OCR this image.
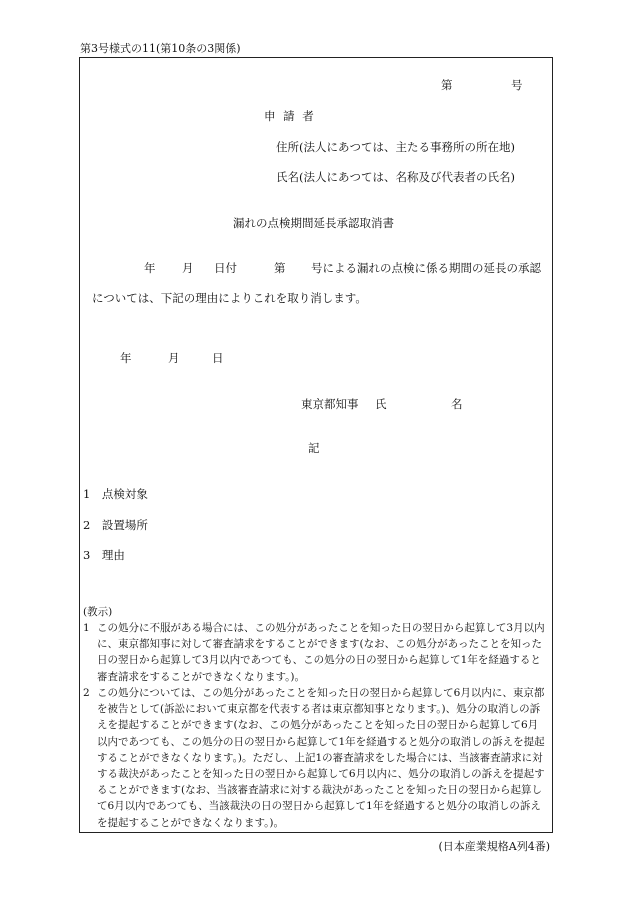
第3号様式の11(第10条の3関係)
第	号
申 請 者
住所(法人にあつては、主たる事務所の所在地)
氏名(法人にあつては、名称及び代表者の氏名)
漏れの点検期間延長承認取消書
年 月 日付	第 号による漏れの点検に係る期間の延長の承認
については、下記の理由によりこれを取り消します。
年	月	日
東京都知事 氏	名
記
1　点検対象
2　設置場所
3　理由
(教示)
1 この処分に不服がある場合には、この処分があったことを知った日の翌日から起算して3月以内に、東京都知事に対して審査請求をすることができます(なお、この処分があったことを知った日の翌日から起算して3月以内であつても、この処分の日の翌日から起算して1年を経過すると審査請求をすることができなくなります。)。
2 この処分については、この処分があったことを知った日の翌日から起算して6月以内に、東京都を被告として(訴訟において東京都を代表する者は東京都知事となります。)、処分の取消しの訴えを提起することができます(なお、この処分があったことを知った日の翌日から起算して6月以内であつても、この処分の日の翌日から起算して1年を経過すると処分の取消しの訴えを提起することができなくなります。)。ただし、上記1の審査請求をした場合には、当該審査請求に対する裁決があったことを知った日の翌日から起算して6月以内に、処分の取消しの訴えを提起することができます(なお、当該審査請求に対する裁決があったことを知った日の翌日から起算して6月以内であつても、当該裁決の日の翌日から起算して1年を経過すると処分の取消しの訴えを提起することができなくなります。)。
(日本産業規格A列4番)
